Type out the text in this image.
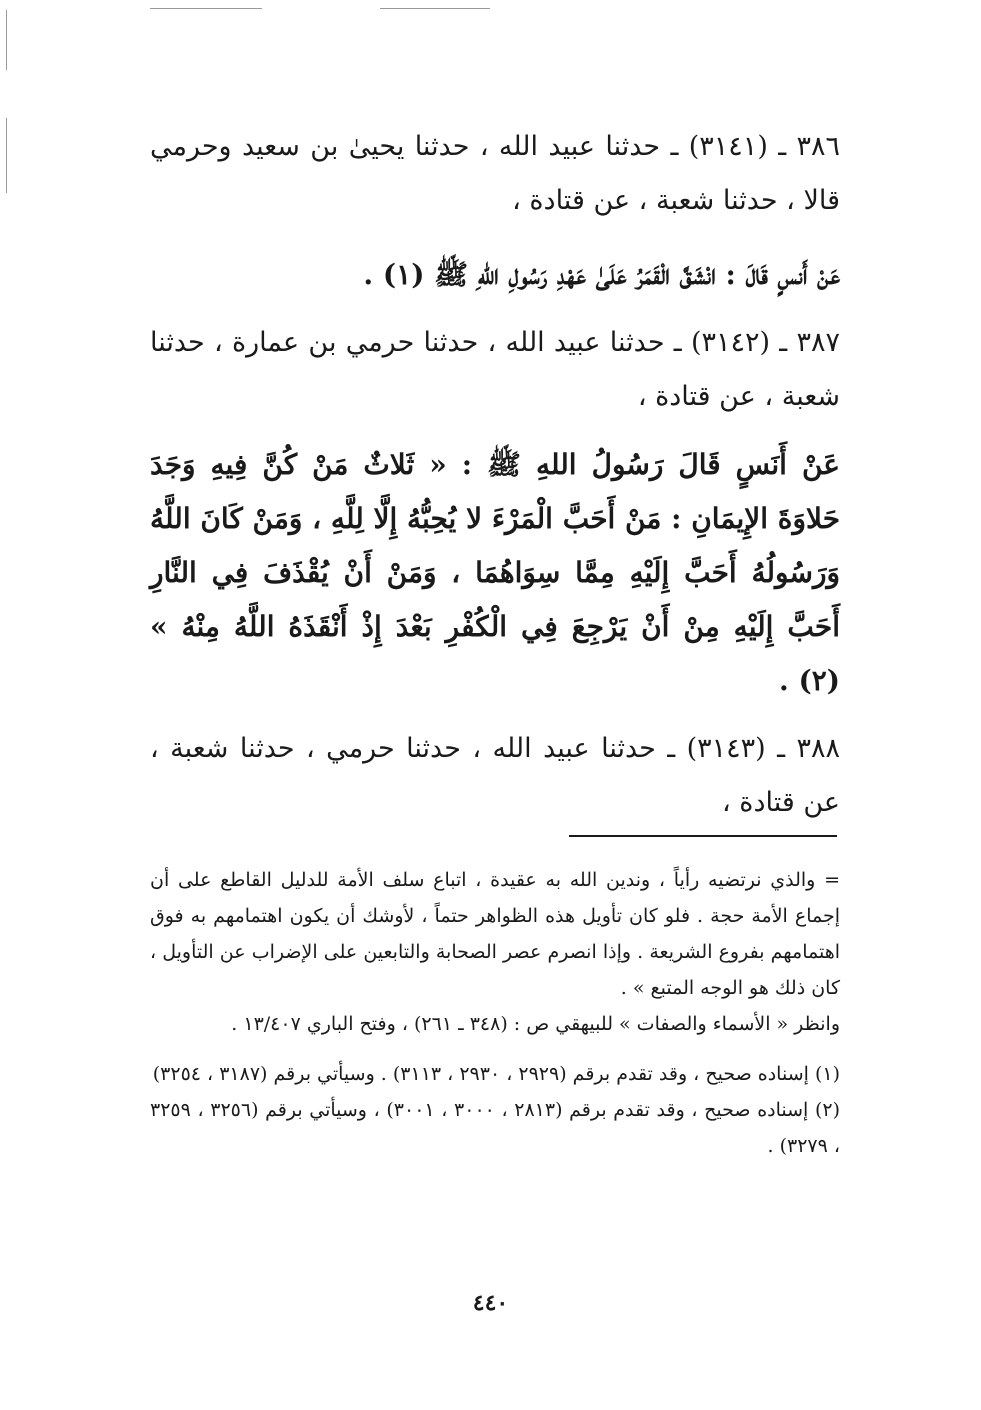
٣٨٦ ـ (٣١٤١) ـ حدثنا عبيد الله ، حدثنا يحيىٰ بن سعيد وحرمي قالا ، حدثنا شعبة ، عن قتادة ،

عَنْ أَنسٍ قَالَ : انْشَقَّ الْقَمَرُ عَلَىٰ عَهْدِ رَسُولِ اللهِ ﷺ (١) .

٣٨٧ ـ (٣١٤٢) ـ حدثنا عبيد الله ، حدثنا حرمي بن عمارة ، حدثنا شعبة ، عن قتادة ،

عَنْ أَنَسٍ قَالَ رَسُولُ اللهِ ﷺ : « ثَلاثٌ مَنْ كُنَّ فِيهِ وَجَدَ حَلاوَةَ الإِيمَانِ : مَنْ أَحَبَّ الْمَرْءَ لا يُحِبُّهُ إِلَّا لِلَّهِ ، وَمَنْ كَانَ اللَّهُ وَرَسُولُهُ أَحَبَّ إِلَيْهِ مِمَّا سِوَاهُمَا ، وَمَنْ أَنْ يُقْذَفَ فِي النَّارِ أَحَبَّ إِلَيْهِ مِنْ أَنْ يَرْجِعَ فِي الْكُفْرِ بَعْدَ إِذْ أَنْقَذَهُ اللَّهُ مِنْهُ » (٢) .

٣٨٨ ـ (٣١٤٣) ـ حدثنا عبيد الله ، حدثنا حرمي ، حدثنا شعبة ، عن قتادة ،

= والذي نرتضيه رأياً ، وندين الله به عقيدة ، اتباع سلف الأمة للدليل القاطع على أن إجماع الأمة حجة . فلو كان تأويل هذه الظواهر حتماً ، لأوشك أن يكون اهتمامهم به فوق اهتمامهم بفروع الشريعة . وإذا انصرم عصر الصحابة والتابعين على الإضراب عن التأويل ، كان ذلك هو الوجه المتبع » .

وانظر « الأسماء والصفات » للبيهقي ص : (٣٤٨ ـ ٢٦١) ، وفتح الباري ١٣/٤٠٧ .

(١) إسناده صحيح ، وقد تقدم برقم (٢٩٢٩ ، ٢٩٣٠ ، ٣١١٣) . وسيأتي برقم (٣١٨٧ ، ٣٢٥٤)

(٢) إسناده صحيح ، وقد تقدم برقم (٢٨١٣ ، ٣٠٠٠ ، ٣٠٠١) ، وسيأتي برقم (٣٢٥٦ ، ٣٢٥٩ ، ٣٢٧٩) .

٤٤٠
